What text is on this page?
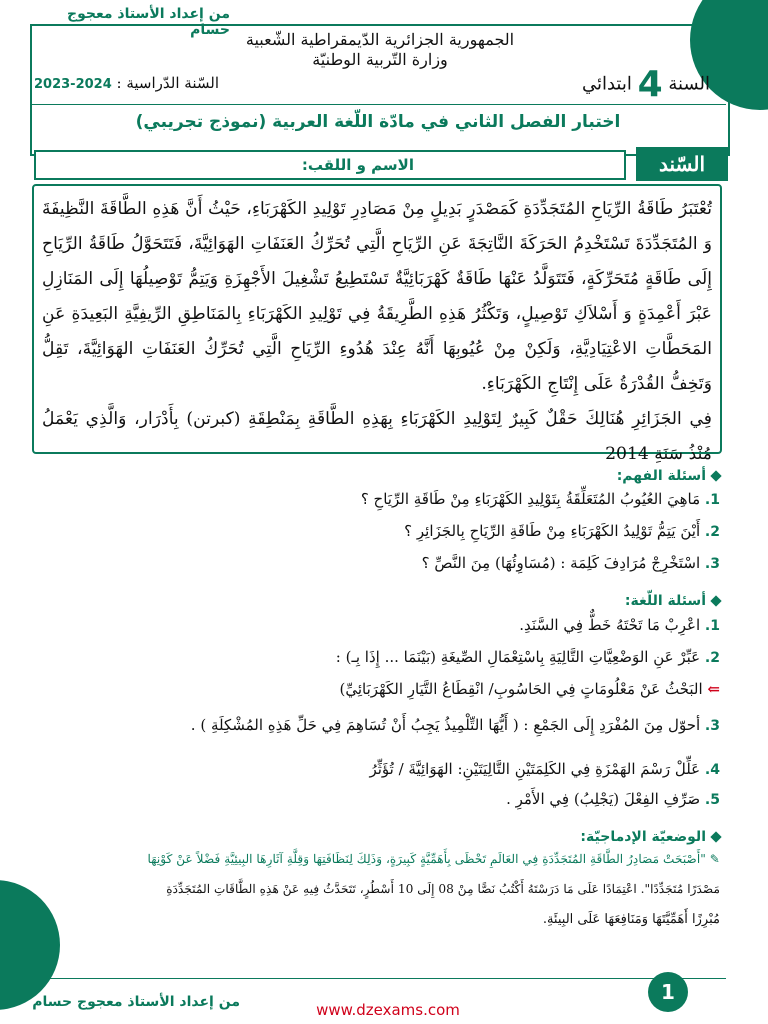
من إعداد الأستاذ معجوج حسام الجمهورية الجزائرية الدّيمقراطية الشّعبية
وزارة التّربية الوطنيّة
السنة 4 ابتدائي
السّنة الدّراسية : 2023-2024
اختبار الفصل الثاني في مادّة اللّغة العربية (نموذج تجريبي)
السّند
الاسم و اللقب:
تُعْتَبَرُ طَاقَةُ الرِّيَاحِ المُتَجَدِّدَةِ كَمَصْدَرٍ بَدِيلٍ مِنْ مَصَادِرِ تَوْلِيدِ الكَهْرَبَاءِ، حَيْثُ أَنَّ هَذِهِ الطَّاقَةَ النَّظِيفَةَ وَ المُتَجَدِّدَةَ تَسْتَخْدِمُ الحَرَكَةَ النَّاتِجَةَ عَنِ الرِّيَاحِ الَّتِي تُحَرِّكُ العَنَفَاتِ الهَوَائِيَّةَ، فَتَتَحَوَّلُ طَاقَةُ الرِّيَاحِ إِلَى طَاقَةٍ مُتَحَرِّكَةٍ، فَتَتَوَلَّدُ عَنْهَا طَاقَةٌ كَهْرَبَائِيَّةٌ تَسْتَطِيعُ تَشْغِيلَ الأَجْهِزَةِ وَيَتِمُّ تَوْصِيلُهَا إِلَى المَنَازِلِ عَبْرَ أَعْمِدَةٍ وَ أَسْلاَكِ تَوْصِيلٍ، وَتَكْثُرُ هَذِهِ الطَّرِيقَةُ فِي تَوْلِيدِ الكَهْرَبَاءِ بِالمَنَاطِقِ الرِّيفِيَّةِ البَعِيدَةِ عَنِ المَحَطَّاتِ الاعْتِيَادِيَّةِ، وَلَكِنْ مِنْ عُيُوبِهَا أَنَّهُ عِنْدَ هُدُوءِ الرِّيَاحِ الَّتِي تُحَرِّكُ العَنَفَاتِ الهَوَائِيَّةَ، تَقِلُّ وَتَخِفُّ القُدْرَةُ عَلَى إِنْتَاجِ الكَهْرَبَاءِ.
فِي الجَزَائِرِ هُنَالِكَ حَقْلٌ كَبِيرٌ لِتَوْلِيدِ الكَهْرَبَاءِ بِهَذِهِ الطَّاقَةِ بِمَنْطِقَةِ (كبرتن) بِأَدْرَار، وَالَّذِي يَعْمَلُ مُنْذُ سَنَةِ 2014
أسئلة الفهم:
1. مَاهِيَ العُيُوبُ المُتَعَلِّقَةُ بِتَوْلِيدِ الكَهْرَبَاءِ مِنْ طَاقَةِ الرِّيَاحِ ؟
2. أَيْنَ يَتِمُّ تَوْلِيدُ الكَهْرَبَاءِ مِنْ طَاقَةِ الرِّيَاحِ بِالجَزَائِرِ ؟
3. اسْتَخْرِجْ مُرَادِفَ كَلِمَة : (مُسَاوِئُهَا) مِنَ النَّصِّ ؟
أسئلة اللّغة:
1. اعْرِبْ مَا تَحْتَهُ خَطٌّ فِي السَّنَدِ.
2. عَبِّرْ عَنِ الوَضْعِيَّاتِ التَّالِيَةِ بِاسْتِعْمَالِ الصِّيغَةِ (بَيْنَمَا ... إِذَا بِـ) :
⇐ البَحْثُ عَنْ مَعْلُومَاتٍ فِي الحَاسُوبِ/ انْقِطَاعُ التَّيَارِ الكَهْرَبَائِيِّ)
3. أحوّل مِنَ المُفْرَدِ إِلَى الجَمْعِ : ( أَيُّهَا التِّلْمِيذُ يَجِبُ أَنْ تُسَاهِمَ فِي حَلِّ هَذِهِ المُشْكِلَةِ ) .
4. عَلِّلْ رَسْمَ الهَمْزَةِ فِي الكَلِمَتَيْنِ التَّالِيَتَيْنِ: الهَوَائِيَّةَ / تُؤَثِّرُ
5. صَرِّفِ الفِعْلَ (يَجْلِبُ) فِي الأَمْرِ .
الوضعيّة الإدماجيّة:
✎ "أَصْبَحَتْ مَصَادِرُ الطَّاقَةِ المُتَجَدِّدَةِ فِي العَالَمِ تَحْظَى بِأَهَمِّيَّةٍ كَبِيرَةٍ، وَذَلِكَ لِنَظَافَتِهَا وَقِلَّةِ آثَارِهَا البِيئِيَّةِ فَضْلاً عَنْ كَوْنِهَا
مَصْدَرًا مُتَجَدِّدًا". اعْتِمَادًا عَلَى مَا دَرَسْتَهُ أَكْتُبُ نَصًّا مِنْ 08 إِلَى 10 أَسْطُرٍ، تَتَحَدَّثُ فِيهِ عَنْ هَذِهِ الطَّاقَاتِ المُتَجَدِّدَةِ
مُبْرِزًا أَهَمِّيَّتَهَا وَمَنَافِعَهَا عَلَى البِيئَةِ.
من إعداد الأستاذ معجوج حسام	www.dzexams.com
1
